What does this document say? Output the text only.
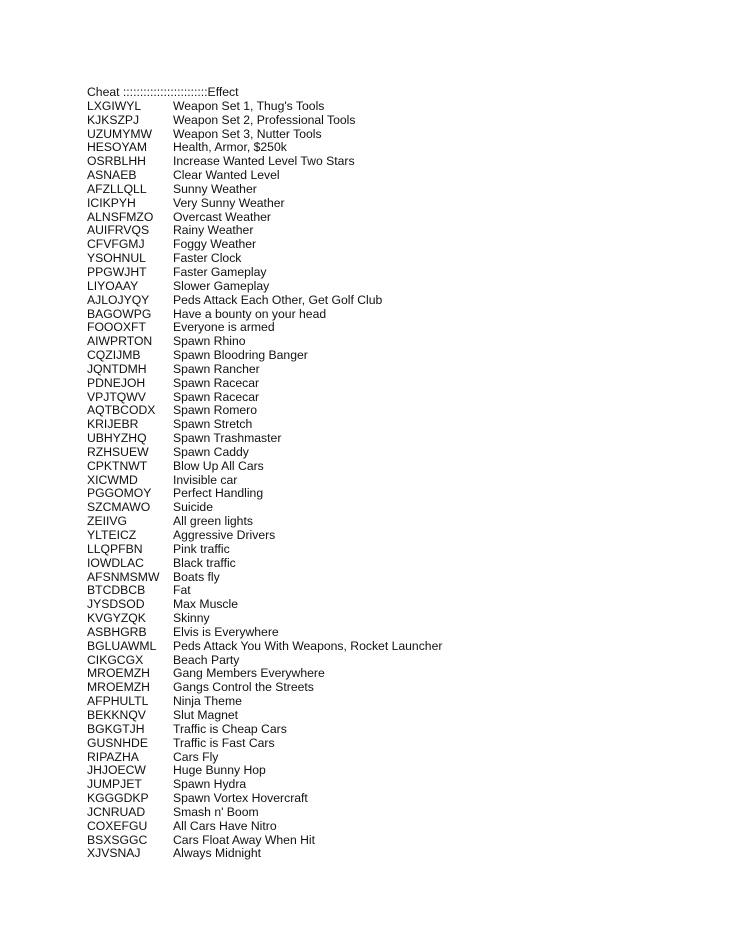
Cheat :::::::::::::::::::::::::Effect
LXGIWYL	Weapon Set 1, Thug's Tools
KJKSZPJ	Weapon Set 2, Professional Tools
UZUMYMW	Weapon Set 3, Nutter Tools
HESOYAM	Health, Armor, $250k
OSRBLHH	Increase Wanted Level Two Stars
ASNAEB	Clear Wanted Level
AFZLLQLL	Sunny Weather
ICIKPYH	Very Sunny Weather
ALNSFMZO	Overcast Weather
AUIFRVQS	Rainy Weather
CFVFGMJ	Foggy Weather
YSOHNUL	Faster Clock
PPGWJHT	Faster Gameplay
LIYOAAY	Slower Gameplay
AJLOJYQY	Peds Attack Each Other, Get Golf Club
BAGOWPG	Have a bounty on your head
FOOOXFT	Everyone is armed
AIWPRTON	Spawn Rhino
CQZIJMB	Spawn Bloodring Banger
JQNTDMH	Spawn Rancher
PDNEJOH	Spawn Racecar
VPJTQWV	Spawn Racecar
AQTBCODX	Spawn Romero
KRIJEBR	Spawn Stretch
UBHYZHQ	Spawn Trashmaster
RZHSUEW	Spawn Caddy
CPKTNWT	Blow Up All Cars
XICWMD	Invisible car
PGGOMOY	Perfect Handling
SZCMAWO	Suicide
ZEIIVG	All green lights
YLTEICZ	Aggressive Drivers
LLQPFBN	Pink traffic
IOWDLAC	Black traffic
AFSNMSMW	Boats fly
BTCDBCB	Fat
JYSDSOD	Max Muscle
KVGYZQK	Skinny
ASBHGRB	Elvis is Everywhere
BGLUAWML	Peds Attack You With Weapons, Rocket Launcher
CIKGCGX	Beach Party
MROEMZH	Gang Members Everywhere
MROEMZH	Gangs Control the Streets
AFPHULTL	Ninja Theme
BEKKNQV	Slut Magnet
BGKGTJH	Traffic is Cheap Cars
GUSNHDE	Traffic is Fast Cars
RIPAZHA	Cars Fly
JHJOECW	Huge Bunny Hop
JUMPJET	Spawn Hydra
KGGGDKP	Spawn Vortex Hovercraft
JCNRUAD	Smash n' Boom
COXEFGU	All Cars Have Nitro
BSXSGGC	Cars Float Away When Hit
XJVSNAJ	Always Midnight
